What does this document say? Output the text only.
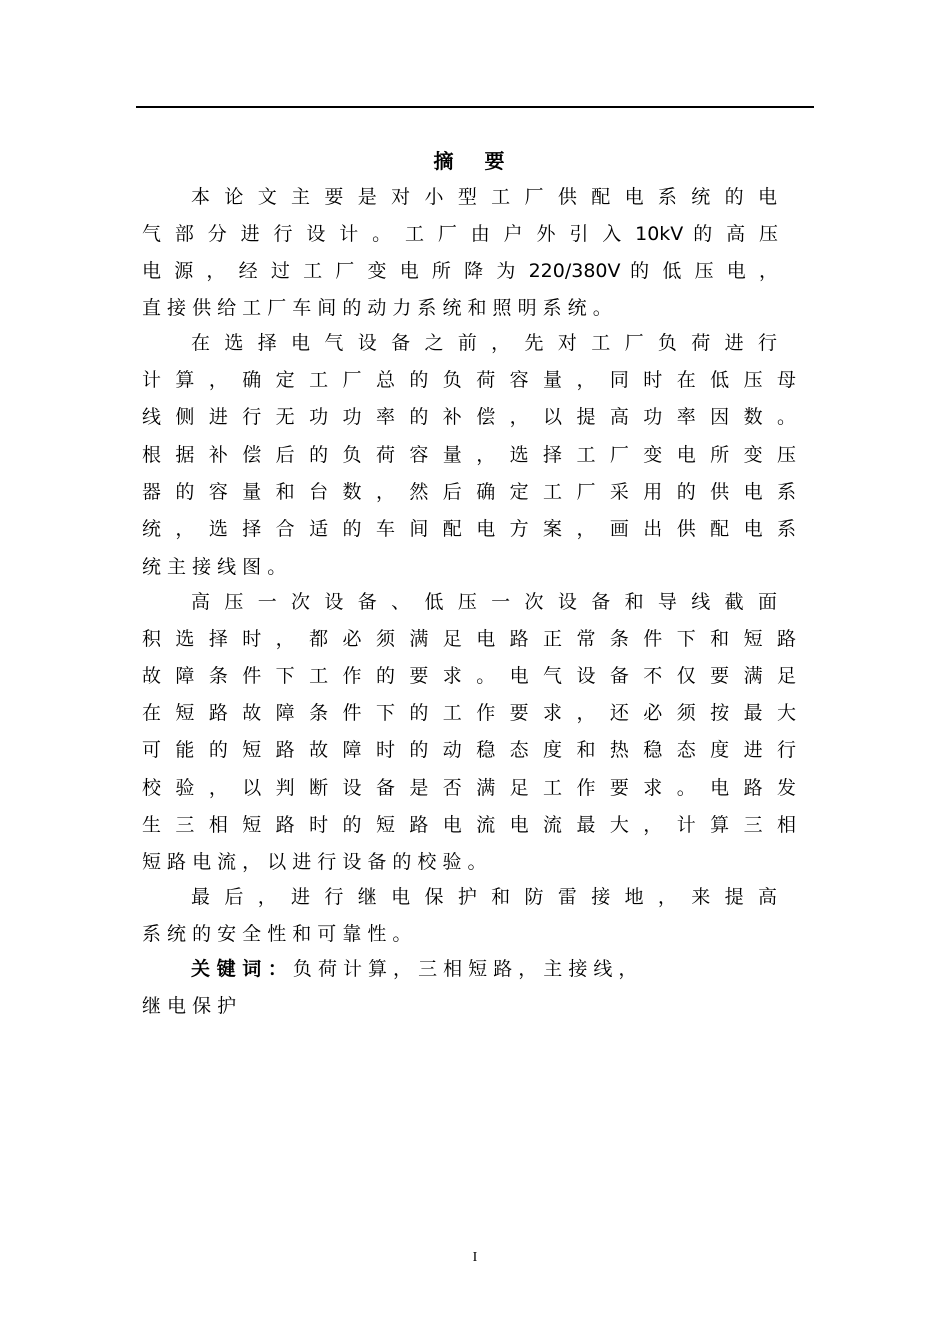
摘 要
本 论 文 主 要 是 对 小 型 工 厂 供 配 电 系 统 的 电
气 部 分 进 行 设 计 。 工 厂 由 户 外 引 入 10kV 的 高 压
电 源 ， 经 过 工 厂 变 电 所 降 为 220/380V 的 低 压 电 ，
直 接 供 给 工 厂 车 间 的 动 力 系 统 和 照 明 系 统 。
在 选 择 电 气 设 备 之 前 ， 先 对 工 厂 负 荷 进 行
计 算 ， 确 定 工 厂 总 的 负 荷 容 量 ， 同 时 在 低 压 母
线 侧 进 行 无 功 功 率 的 补 偿 ， 以 提 高 功 率 因 数 。
根 据 补 偿 后 的 负 荷 容 量 ， 选 择 工 厂 变 电 所 变 压
器 的 容 量 和 台 数 ， 然 后 确 定 工 厂 采 用 的 供 电 系
统 ， 选 择 合 适 的 车 间 配 电 方 案 ， 画 出 供 配 电 系
统 主 接 线 图 。
高 压 一 次 设 备 、 低 压 一 次 设 备 和 导 线 截 面
积 选 择 时 ， 都 必 须 满 足 电 路 正 常 条 件 下 和 短 路
故 障 条 件 下 工 作 的 要 求 。 电 气 设 备 不 仅 要 满 足
在 短 路 故 障 条 件 下 的 工 作 要 求 ， 还 必 须 按 最 大
可 能 的 短 路 故 障 时 的 动 稳 态 度 和 热 稳 态 度 进 行
校 验 ， 以 判 断 设 备 是 否 满 足 工 作 要 求 。 电 路 发
生 三 相 短 路 时 的 短 路 电 流 电 流 最 大 ， 计 算 三 相
短 路 电 流 ， 以 进 行 设 备 的 校 验 。
最 后 ， 进 行 继 电 保 护 和 防 雷 接 地 ， 来 提 高
系 统 的 安 全 性 和 可 靠 性 。
关 键 词 ： 负 荷 计 算 ， 三 相 短 路 ， 主 接 线 ，
继 电 保 护
I
